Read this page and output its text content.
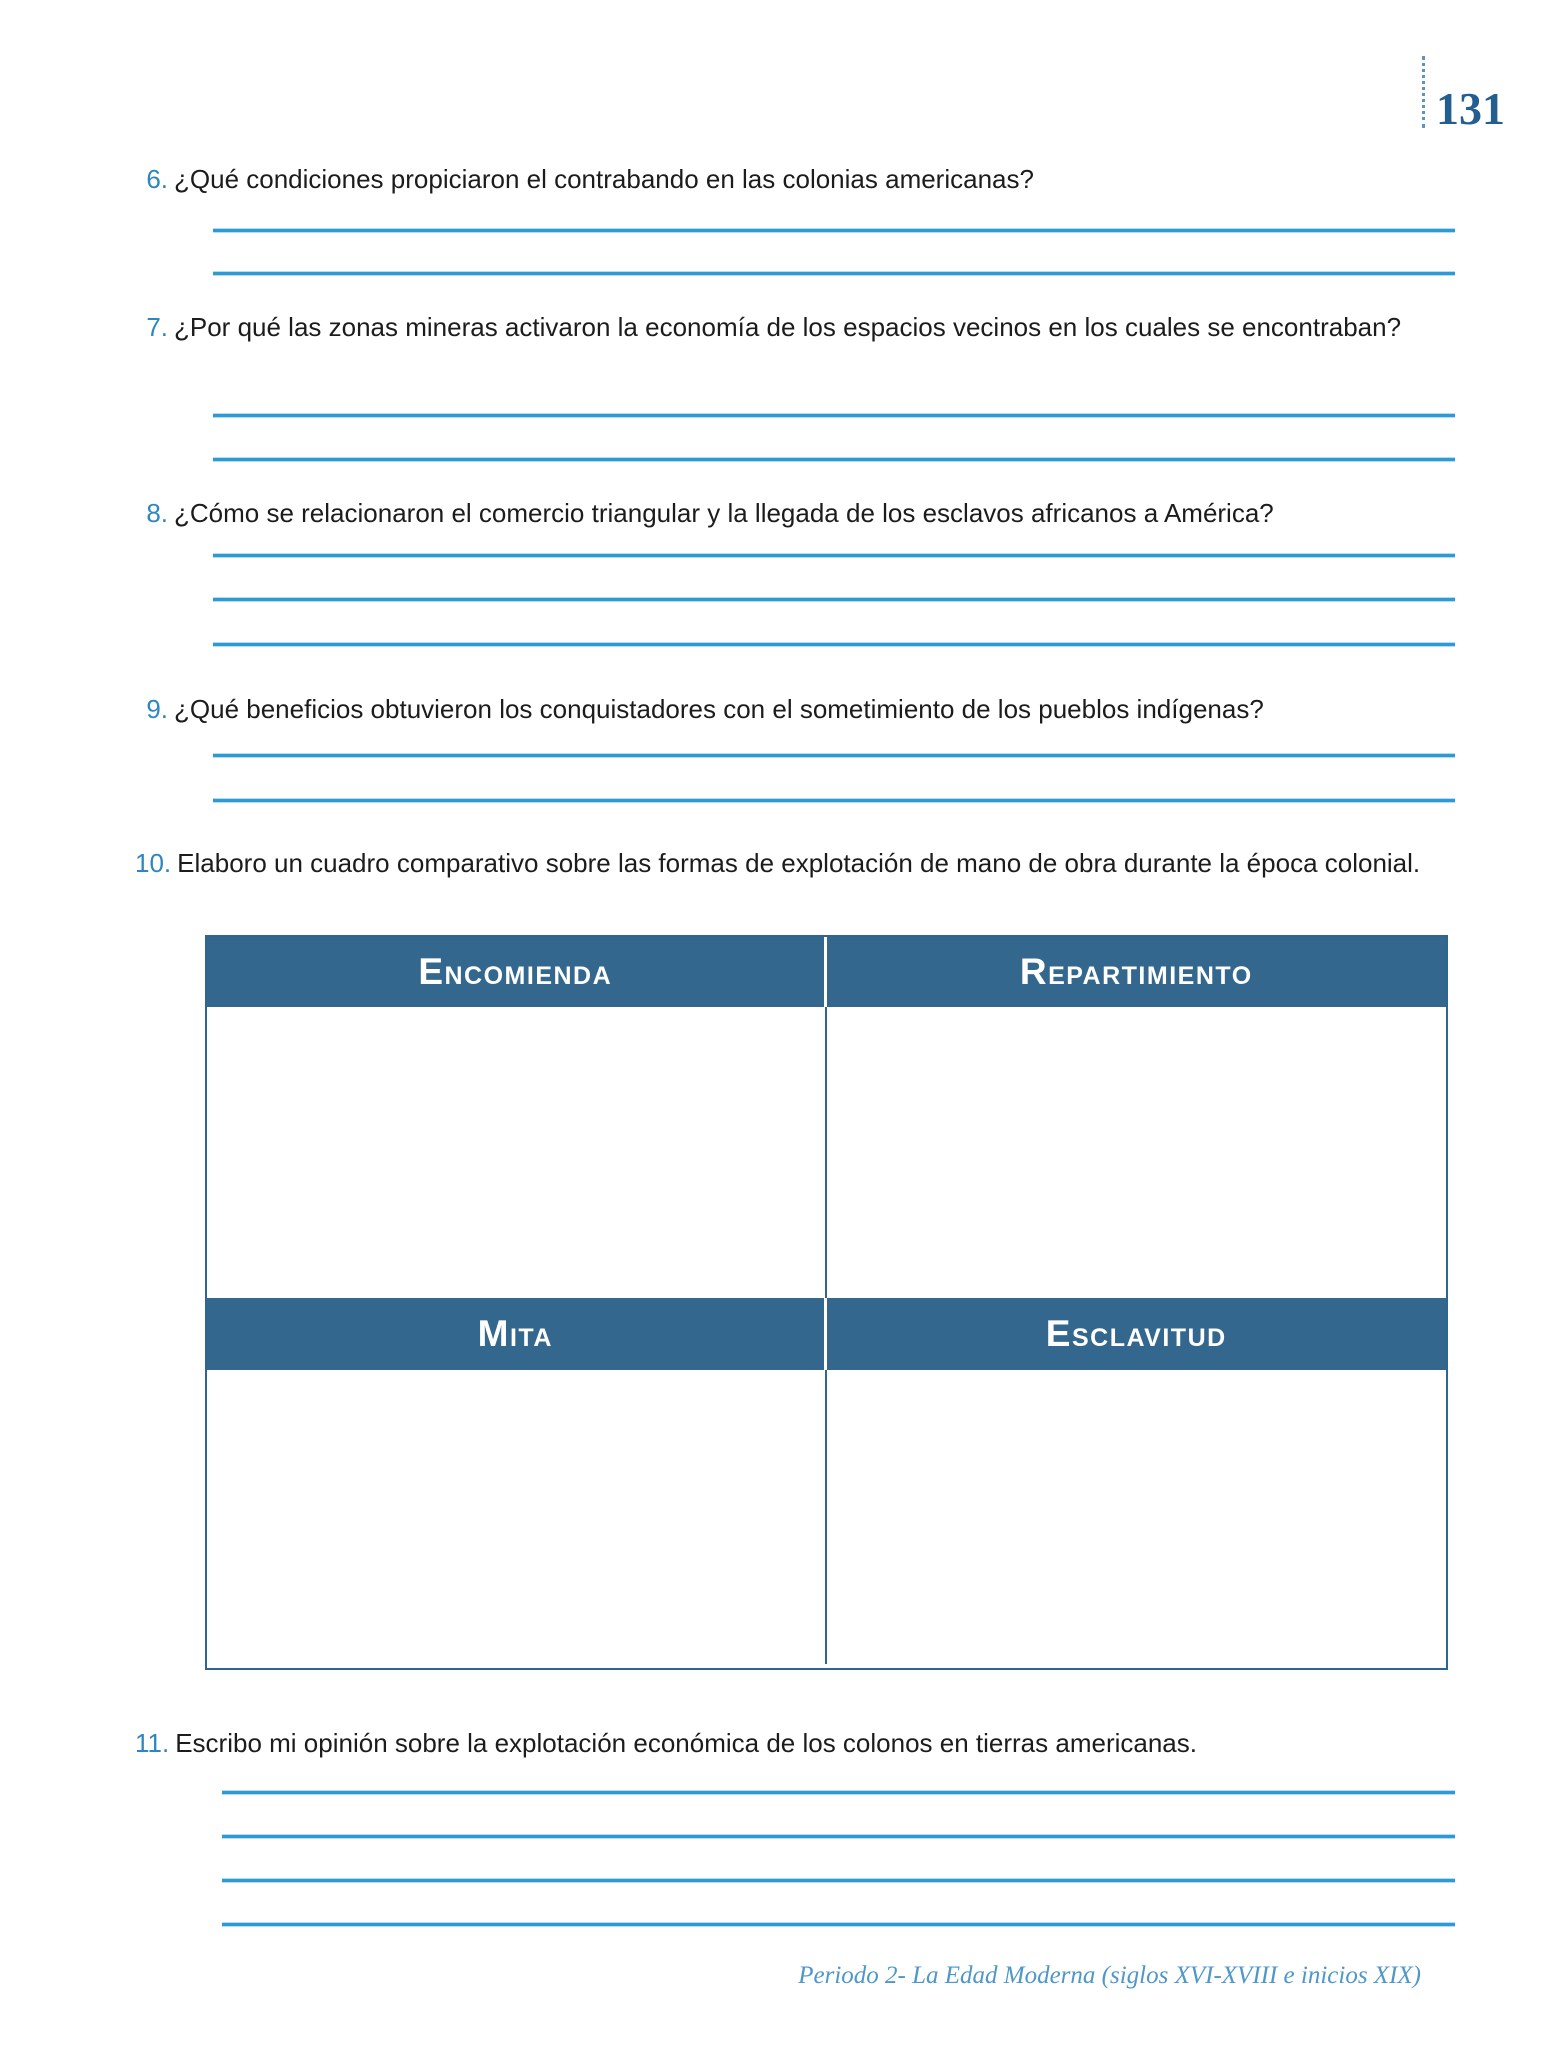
131
6. ¿Qué condiciones propiciaron el contrabando en las colonias americanas?
7. ¿Por qué las zonas mineras activaron la economía de los espacios vecinos en los cuales se encontraban?
8. ¿Cómo se relacionaron el comercio triangular y la llegada de los esclavos africanos a América?
9. ¿Qué beneficios obtuvieron los conquistadores con el sometimiento de los pueblos indígenas?
10. Elaboro un cuadro comparativo sobre las formas de explotación de mano de obra durante la época colonial.
ENCOMIENDA	REPARTIMIENTO
MITA	ESCLAVITUD
11. Escribo mi opinión sobre la explotación económica de los colonos en tierras americanas.
Periodo 2- La Edad Moderna (siglos XVI-XVIII e inicios XIX)
